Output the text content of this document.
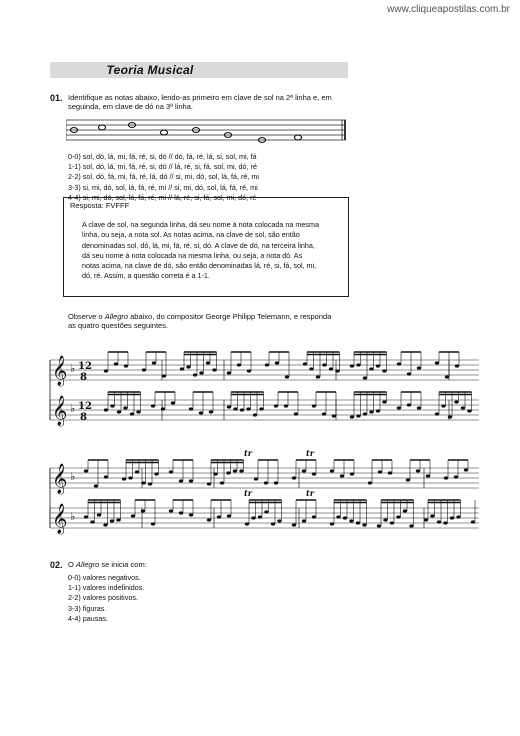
www.cliqueapostilas.com.br
Teoria Musical
01. Identifique as notas abaixo, lendo-as primeiro em clave de sol na 2ª linha e, em
seguinda, em clave de dó na 3ª linha.
0-0) sol, dó, lá, mi, fá, ré, si, dó // dó, fá, ré, lá, si, sol, mi, fá
1-1) sol, dó, lá, mi, fá, ré, si, dó // lá, ré, si, fá, sol, mi, dó, ré
2-2) sol, dó, fá, mi, fá, ré, lá, dó // si, mi, dó, sol, lá, fá, ré, mi
3-3) si, mi, dó, sol, lá, fá, ré, mi // si, mi, dó, sol, lá, fá, ré, mi
4-4) si, mi, dó, sol, lá, fá, ré, mi // lá, ré, si, fá, sol, mi, dó, ré
Resposta: FVFFF
A clave de sol, na segunda linha, dá seu nome à nota colocada na mesma
linha, ou seja, a nota sol. As notas acima, na clave de sol, são então
denominadas sol, dó, lá, mi, fá, ré, si, dó. A clave de dó, na terceira linha,
dá seu nome à nota colocada na mesma linha, ou seja, a nota dó. As
notas acima, na clave de dó, são então denominadas lá, ré, si, fá, sol, mi,
dó, ré. Assim, a questão correta é a 1-1.
Observe o Allegro abaixo, do compositor George Philipp Telemann, e responda
as quatro questões seguintes.
𝄞 ♭ 12
8
𝄞 ♭ 12
8
𝄞 ♭
𝄞 ♭
tr	tr
tr	tr
02. O Allegro se inicia com:
0-0) valores negativos.
1-1) valores indefinidos.
2-2) valores positivos.
3-3) figuras.
4-4) pausas.
